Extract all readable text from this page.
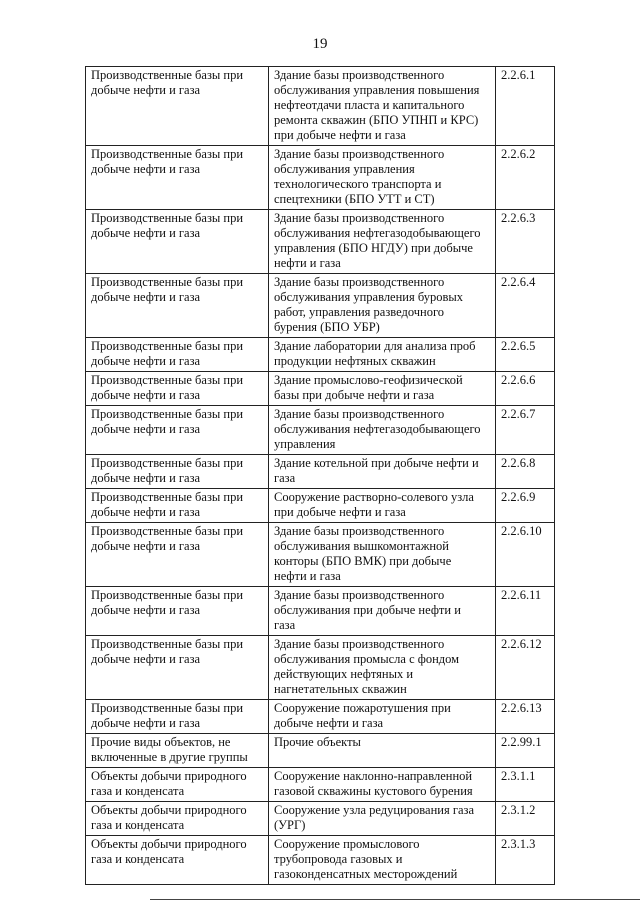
19
Производственные базы при
добыче нефти и газа	Здание базы производственного
обслуживания управления повышения
нефтеотдачи пласта и капитального
ремонта скважин (БПО УПНП и КРС)
при добыче нефти и газа	2.2.6.1
Производственные базы при
добыче нефти и газа	Здание базы производственного
обслуживания управления
технологического транспорта и
спецтехники (БПО УТТ и СТ)	2.2.6.2
Производственные базы при
добыче нефти и газа	Здание базы производственного
обслуживания нефтегазодобывающего
управления (БПО НГДУ) при добыче
нефти и газа	2.2.6.3
Производственные базы при
добыче нефти и газа	Здание базы производственного
обслуживания управления буровых
работ, управления разведочного
бурения (БПО УБР)	2.2.6.4
Производственные базы при
добыче нефти и газа	Здание лаборатории для анализа проб
продукции нефтяных скважин	2.2.6.5
Производственные базы при
добыче нефти и газа	Здание промыслово-геофизической
базы при добыче нефти и газа	2.2.6.6
Производственные базы при
добыче нефти и газа	Здание базы производственного
обслуживания нефтегазодобывающего
управления	2.2.6.7
Производственные базы при
добыче нефти и газа	Здание котельной при добыче нефти и
газа	2.2.6.8
Производственные базы при
добыче нефти и газа	Сооружение растворно-солевого узла
при добыче нефти и газа	2.2.6.9
Производственные базы при
добыче нефти и газа	Здание базы производственного
обслуживания вышкомонтажной
конторы (БПО ВМК) при добыче
нефти и газа	2.2.6.10
Производственные базы при
добыче нефти и газа	Здание базы производственного
обслуживания при добыче нефти и
газа	2.2.6.11
Производственные базы при
добыче нефти и газа	Здание базы производственного
обслуживания промысла с фондом
действующих нефтяных и
нагнетательных скважин	2.2.6.12
Производственные базы при
добыче нефти и газа	Сооружение пожаротушения при
добыче нефти и газа	2.2.6.13
Прочие виды объектов, не
включенные в другие группы	Прочие объекты	2.2.99.1
Объекты добычи природного
газа и конденсата	Сооружение наклонно-направленной
газовой скважины кустового бурения	2.3.1.1
Объекты добычи природного
газа и конденсата	Сооружение узла редуцирования газа
(УРГ)	2.3.1.2
Объекты добычи природного
газа и конденсата	Сооружение промыслового
трубопровода газовых и
газоконденсатных месторождений	2.3.1.3
